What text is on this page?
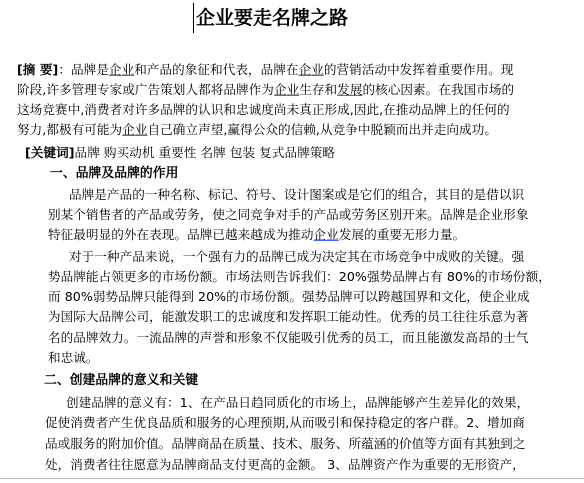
企业要走名牌之路
[摘 要]：品牌是企业和产品的象征和代表，品牌在企业的营销活动中发挥着重要作用。现
阶段,许多管理专家或广告策划人都将品牌作为企业生存和发展的核心因素。在我国市场的
这场竞赛中,消费者对许多品牌的认识和忠诚度尚未真正形成,因此,在推动品牌上的任何的
努力,都极有可能为企业自己确立声望,赢得公众的信赖,从竞争中脱颖而出并走向成功。
[关键词]品牌 购买动机 重要性 名牌 包装 复式品牌策略
一、品牌及品牌的作用
品牌是产品的一种名称、标记、符号、设计图案或是它们的组合，其目的是借以识
别某个销售者的产品或劳务，使之同竞争对手的产品或劳务区别开来。品牌是企业形象
特征最明显的外在表现。品牌已越来越成为推动企业发展的重要无形力量。
对于一种产品来说，一个强有力的品牌已成为决定其在市场竞争中成败的关键。强
势品牌能占领更多的市场份额。市场法则告诉我们：20%强势品牌占有 80%的市场份额，
而 80%弱势品牌只能得到 20%的市场份额。强势品牌可以跨越国界和文化，使企业成
为国际大品牌公司，能激发职工的忠诚度和发挥职工能动性。优秀的员工往往乐意为著
名的品牌效力。一流品牌的声誉和形象不仅能吸引优秀的员工，而且能激发高昂的士气
和忠诚。
二、创建品牌的意义和关键
创建品牌的意义有：1、在产品日趋同质化的市场上，品牌能够产生差异化的效果，
促使消费者产生优良品质和服务的心理预期,从而吸引和保持稳定的客户群。2、增加商
品或服务的附加价值。品牌商品在质量、技术、服务、所蕴涵的价值等方面有其独到之
处，消费者往往愿意为品牌商品支付更高的金额。 3、品牌资产作为重要的无形资产，
